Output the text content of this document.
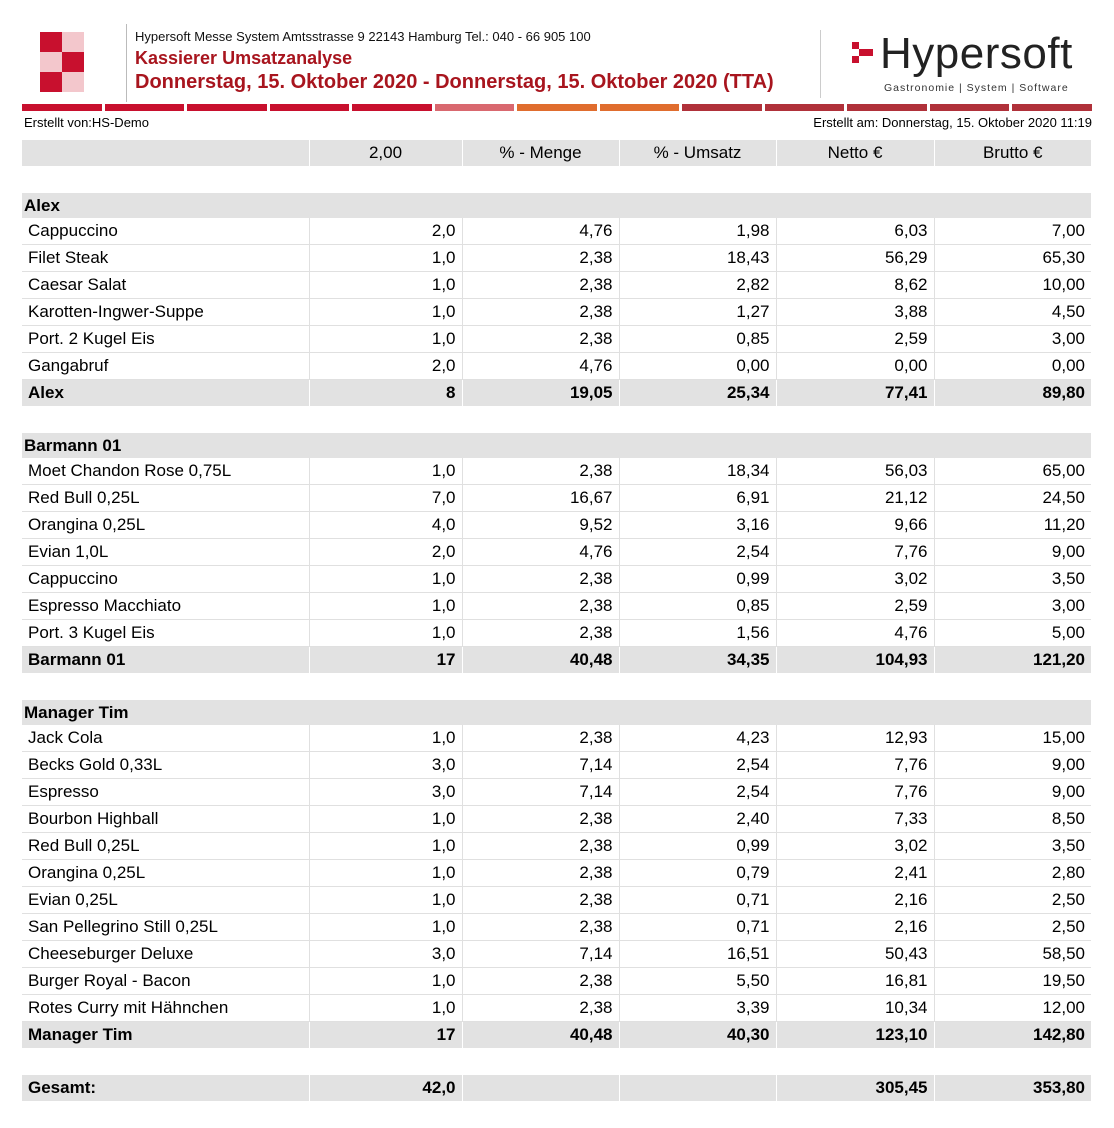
Hypersoft Messe System Amtsstrasse 9 22143 Hamburg Tel.: 040 - 66 905 100
Kassierer Umsatzanalyse
Donnerstag, 15. Oktober 2020 - Donnerstag, 15. Oktober 2020 (TTA)
Hypersoft
Gastronomie | System | Software
Erstellt von:HS-Demo	Erstellt am: Donnerstag, 15. Oktober 2020 11:19
	2,00	% - Menge	% - Umsatz	Netto €	Brutto €

Alex					
Cappuccino	2,0	4,76	1,98	6,03	7,00
Filet Steak	1,0	2,38	18,43	56,29	65,30
Caesar Salat	1,0	2,38	2,82	8,62	10,00
Karotten-Ingwer-Suppe	1,0	2,38	1,27	3,88	4,50
Port. 2 Kugel Eis	1,0	2,38	0,85	2,59	3,00
Gangabruf	2,0	4,76	0,00	0,00	0,00
Alex	8	19,05	25,34	77,41	89,80

Barmann 01					
Moet Chandon Rose 0,75L	1,0	2,38	18,34	56,03	65,00
Red Bull 0,25L	7,0	16,67	6,91	21,12	24,50
Orangina 0,25L	4,0	9,52	3,16	9,66	11,20
Evian 1,0L	2,0	4,76	2,54	7,76	9,00
Cappuccino	1,0	2,38	0,99	3,02	3,50
Espresso Macchiato	1,0	2,38	0,85	2,59	3,00
Port. 3 Kugel Eis	1,0	2,38	1,56	4,76	5,00
Barmann 01	17	40,48	34,35	104,93	121,20

Manager Tim					
Jack Cola	1,0	2,38	4,23	12,93	15,00
Becks Gold 0,33L	3,0	7,14	2,54	7,76	9,00
Espresso	3,0	7,14	2,54	7,76	9,00
Bourbon Highball	1,0	2,38	2,40	7,33	8,50
Red Bull 0,25L	1,0	2,38	0,99	3,02	3,50
Orangina 0,25L	1,0	2,38	0,79	2,41	2,80
Evian 0,25L	1,0	2,38	0,71	2,16	2,50
San Pellegrino Still 0,25L	1,0	2,38	0,71	2,16	2,50
Cheeseburger Deluxe	3,0	7,14	16,51	50,43	58,50
Burger Royal - Bacon	1,0	2,38	5,50	16,81	19,50
Rotes Curry mit Hähnchen	1,0	2,38	3,39	10,34	12,00
Manager Tim	17	40,48	40,30	123,10	142,80

Gesamt:	42,0			305,45	353,80
